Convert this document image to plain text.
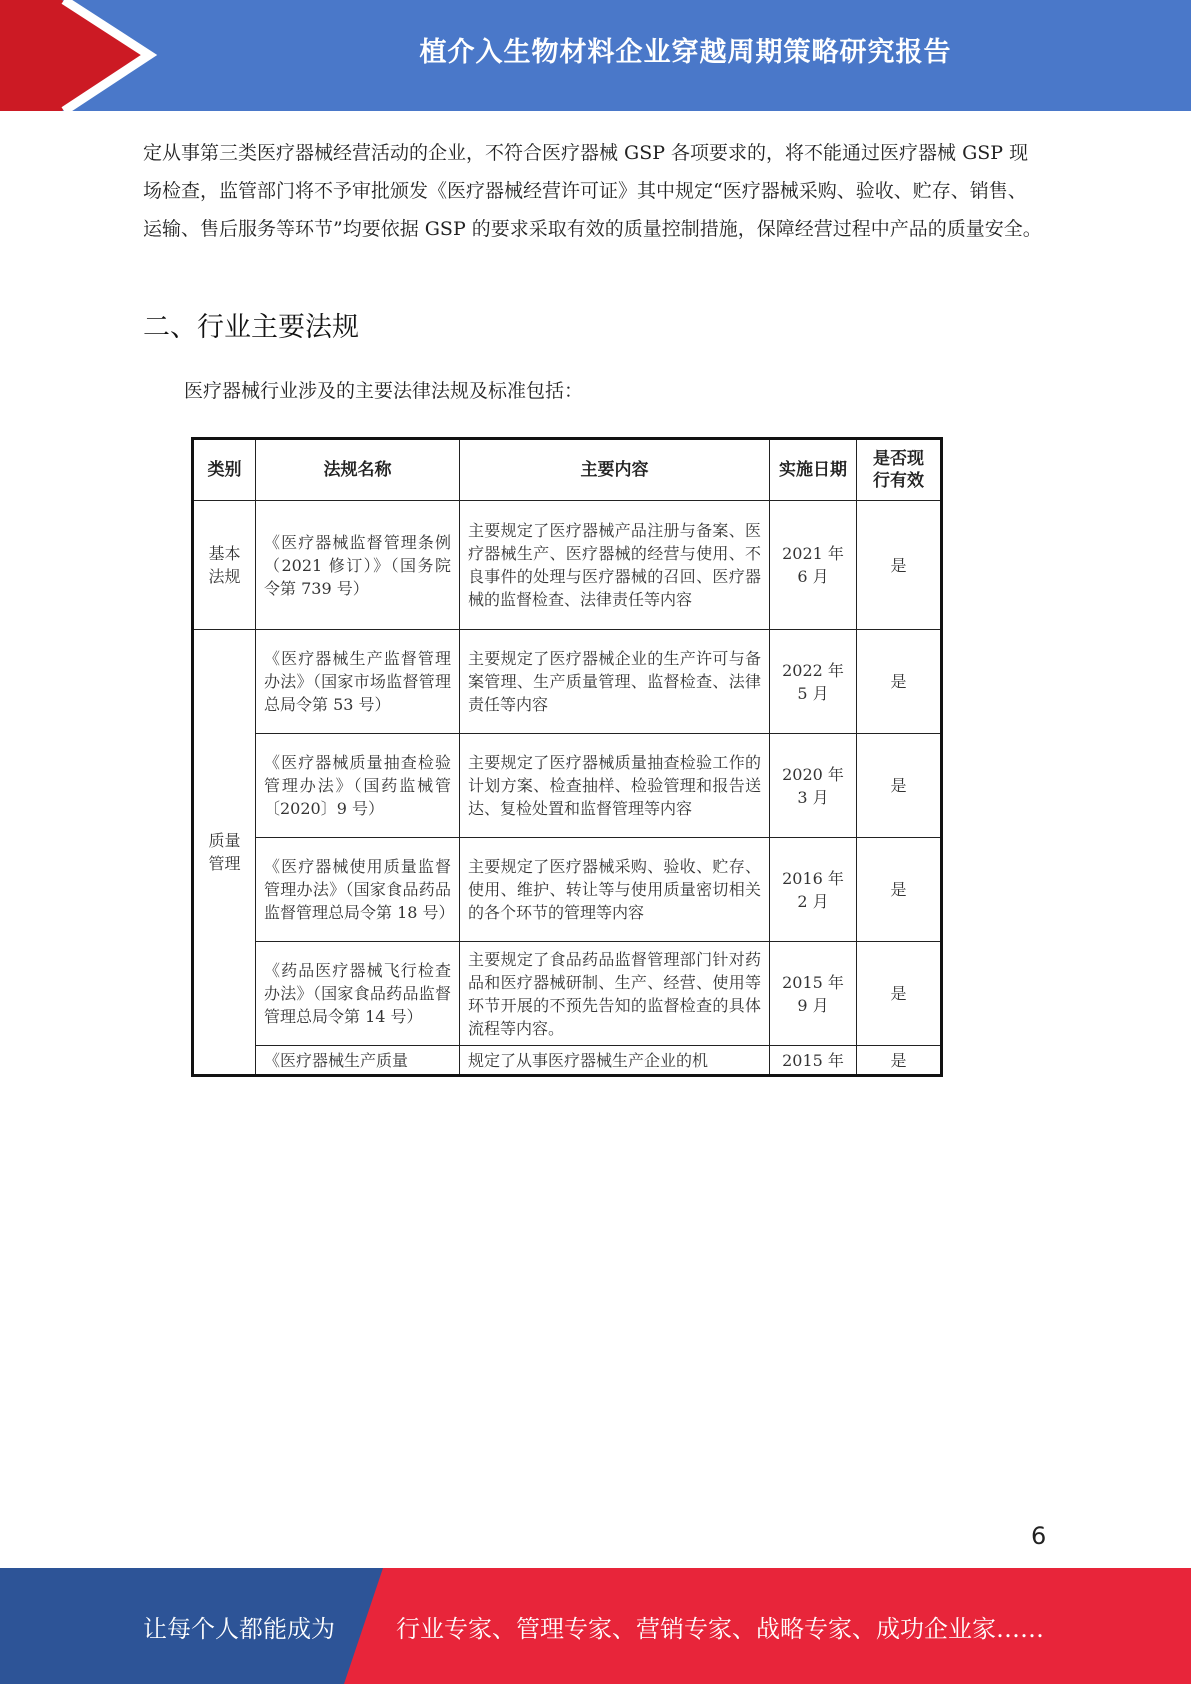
植介入生物材料企业穿越周期策略研究报告
定从事第三类医疗器械经营活动的企业，不符合医疗器械 GSP 各项要求的，将不能通过医疗器械 GSP 现场检查，监管部门将不予审批颁发《医疗器械经营许可证》其中规定“医疗器械采购、验收、贮存、销售、运输、售后服务等环节”均要依据 GSP 的要求采取有效的质量控制措施，保障经营过程中产品的质量安全。
二、行业主要法规
医疗器械行业涉及的主要法律法规及标准包括：
类别	法规名称	主要内容	实施日期	是否现行有效
基本法规	《医疗器械监督管理条例（2021 修订）》（国务院令第 739 号）	主要规定了医疗器械产品注册与备案、医疗器械生产、医疗器械的经营与使用、不良事件的处理与医疗器械的召回、医疗器械的监督检查、法律责任等内容	2021 年 6 月	是
质量管理	《医疗器械生产监督管理办法》（国家市场监督管理总局令第 53 号）	主要规定了医疗器械企业的生产许可与备案管理、生产质量管理、监督检查、法律责任等内容	2022 年 5 月	是
	《医疗器械质量抽查检验管理办法》（国药监械管〔2020〕9 号）	主要规定了医疗器械质量抽查检验工作的计划方案、检查抽样、检验管理和报告送达、复检处置和监督管理等内容	2020 年 3 月	是
	《医疗器械使用质量监督管理办法》（国家食品药品监督管理总局令第 18 号）	主要规定了医疗器械采购、验收、贮存、使用、维护、转让等与使用质量密切相关的各个环节的管理等内容	2016 年 2 月	是
	《药品医疗器械飞行检查办法》（国家食品药品监督管理总局令第 14 号）	主要规定了食品药品监督管理部门针对药品和医疗器械研制、生产、经营、使用等环节开展的不预先告知的监督检查的具体流程等内容。	2015 年 9 月	是
	《医疗器械生产质量	规定了从事医疗器械生产企业的机	2015 年	是
6
让每个人都能成为	行业专家、管理专家、营销专家、战略专家、成功企业家……
